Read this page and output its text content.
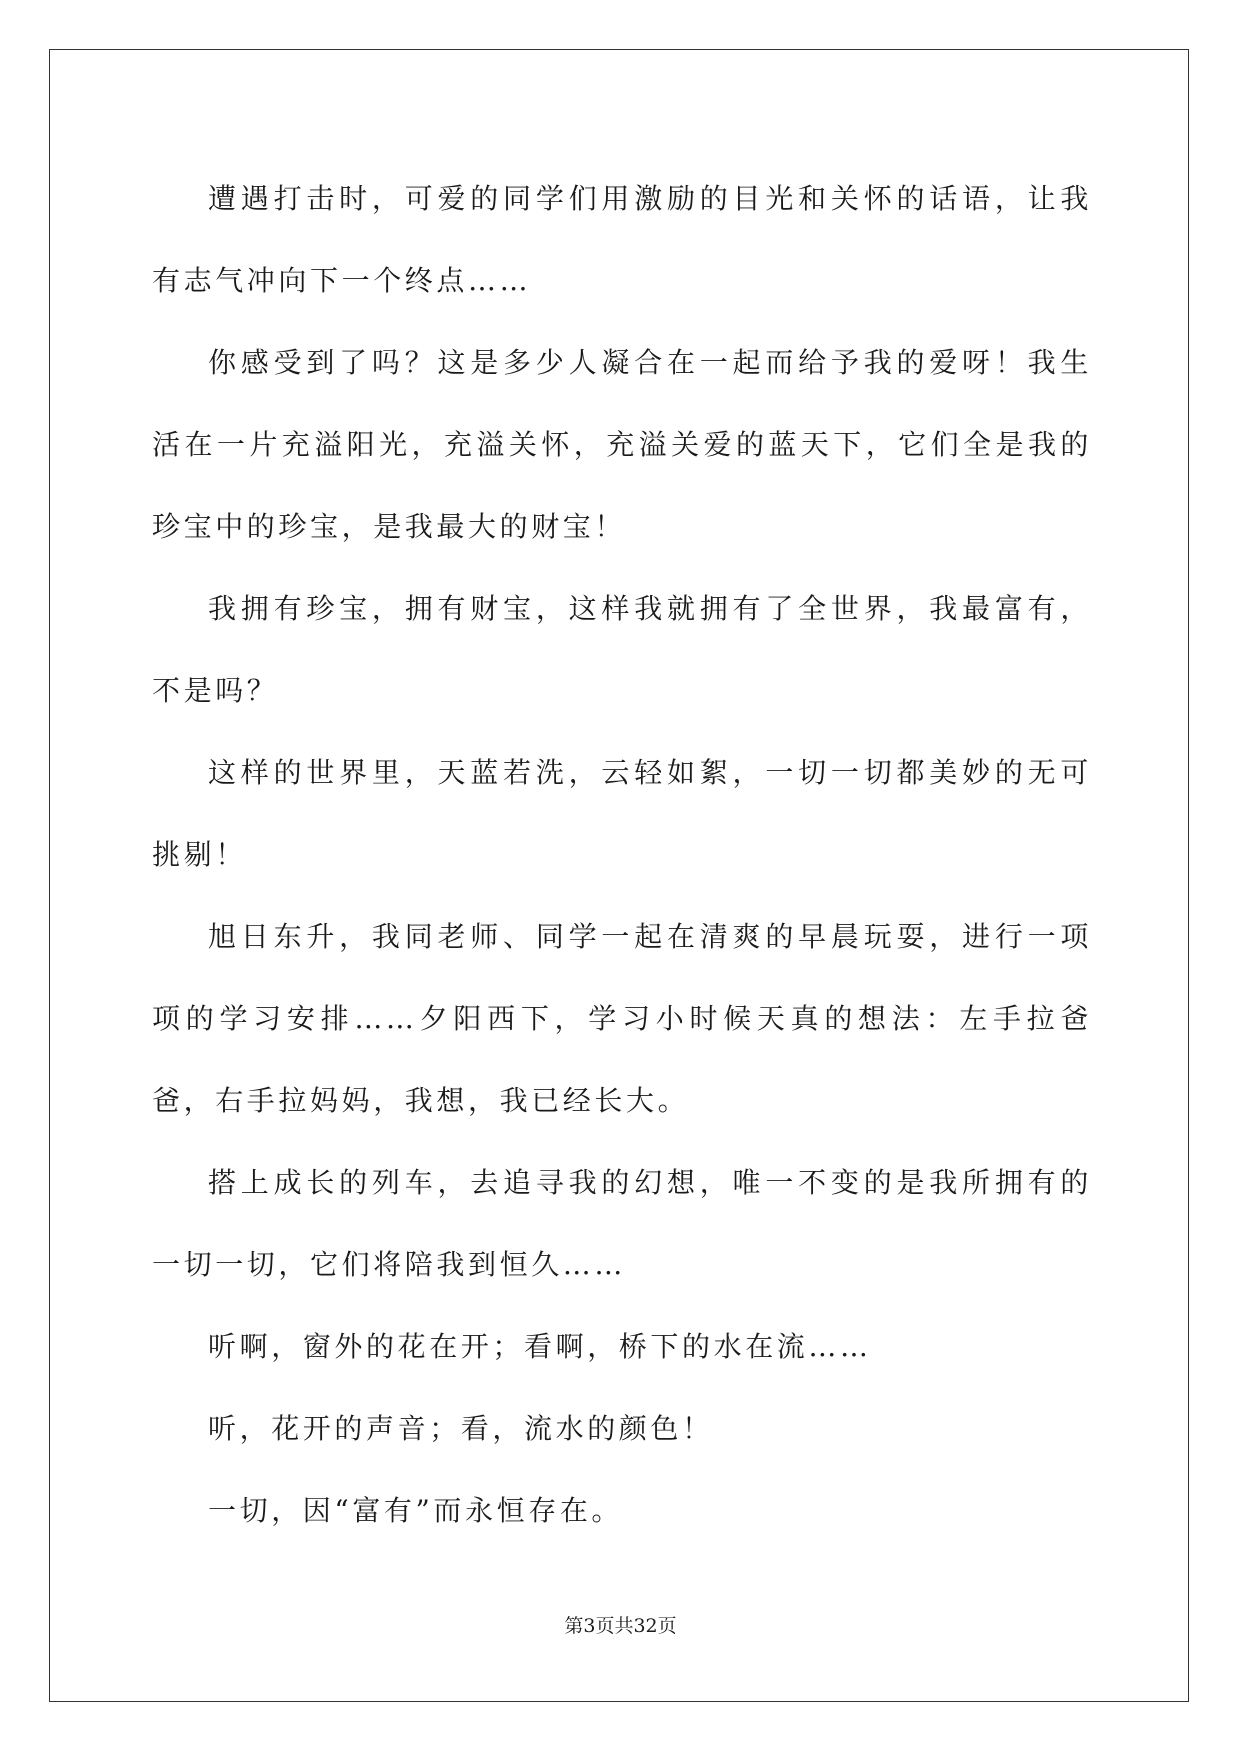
遭遇打击时，可爱的同学们用激励的目光和关怀的话语，让我有志气冲向下一个终点……

你感受到了吗？这是多少人凝合在一起而给予我的爱呀！我生活在一片充溢阳光，充溢关怀，充溢关爱的蓝天下，它们全是我的珍宝中的珍宝，是我最大的财宝！

我拥有珍宝，拥有财宝，这样我就拥有了全世界，我最富有，不是吗？

这样的世界里，天蓝若洗，云轻如絮，一切一切都美妙的无可挑剔！

旭日东升，我同老师、同学一起在清爽的早晨玩耍，进行一项项的学习安排……夕阳西下，学习小时候天真的想法：左手拉爸爸，右手拉妈妈，我想，我已经长大。

搭上成长的列车，去追寻我的幻想，唯一不变的是我所拥有的一切一切，它们将陪我到恒久……

听啊，窗外的花在开；看啊，桥下的水在流……

听，花开的声音；看，流水的颜色！

一切，因“富有”而永恒存在。

第3页共32页
